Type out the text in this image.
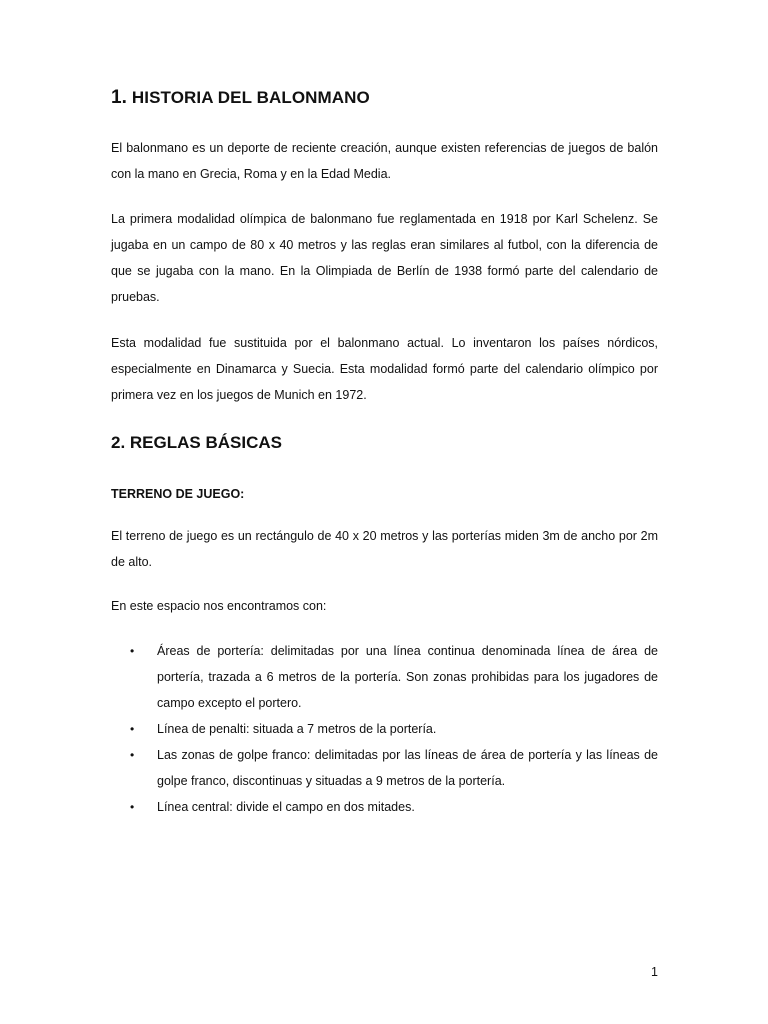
1. HISTORIA DEL BALONMANO

El balonmano es un deporte de reciente creación, aunque existen referencias de juegos de balón con la mano en Grecia, Roma y en la Edad Media.

La primera modalidad olímpica de balonmano fue reglamentada en 1918 por Karl Schelenz. Se jugaba en un campo de 80 x 40 metros y las reglas eran similares al futbol, con la diferencia de que se jugaba con la mano. En la Olimpiada de Berlín de 1938 formó parte del calendario de pruebas.

Esta modalidad fue sustituida por el balonmano actual. Lo inventaron los países nórdicos, especialmente en Dinamarca y Suecia. Esta modalidad formó parte del calendario olímpico por primera vez en los juegos de Munich en 1972.

2. REGLAS BÁSICAS
TERRENO DE JUEGO:

El terreno de juego es un rectángulo de 40 x 20 metros y las porterías miden 3m de ancho por 2m de alto.

En este espacio nos encontramos con:

•	Áreas de portería: delimitadas por una línea continua denominada línea de área de portería, trazada a 6 metros de la portería. Son zonas prohibidas para los jugadores de campo excepto el portero.
•	Línea de penalti: situada a 7 metros de la portería.
•	Las zonas de golpe franco: delimitadas por las líneas de área de portería y las líneas de golpe franco, discontinuas y situadas a 9 metros de la portería.
•	Línea central: divide el campo en dos mitades.
1
